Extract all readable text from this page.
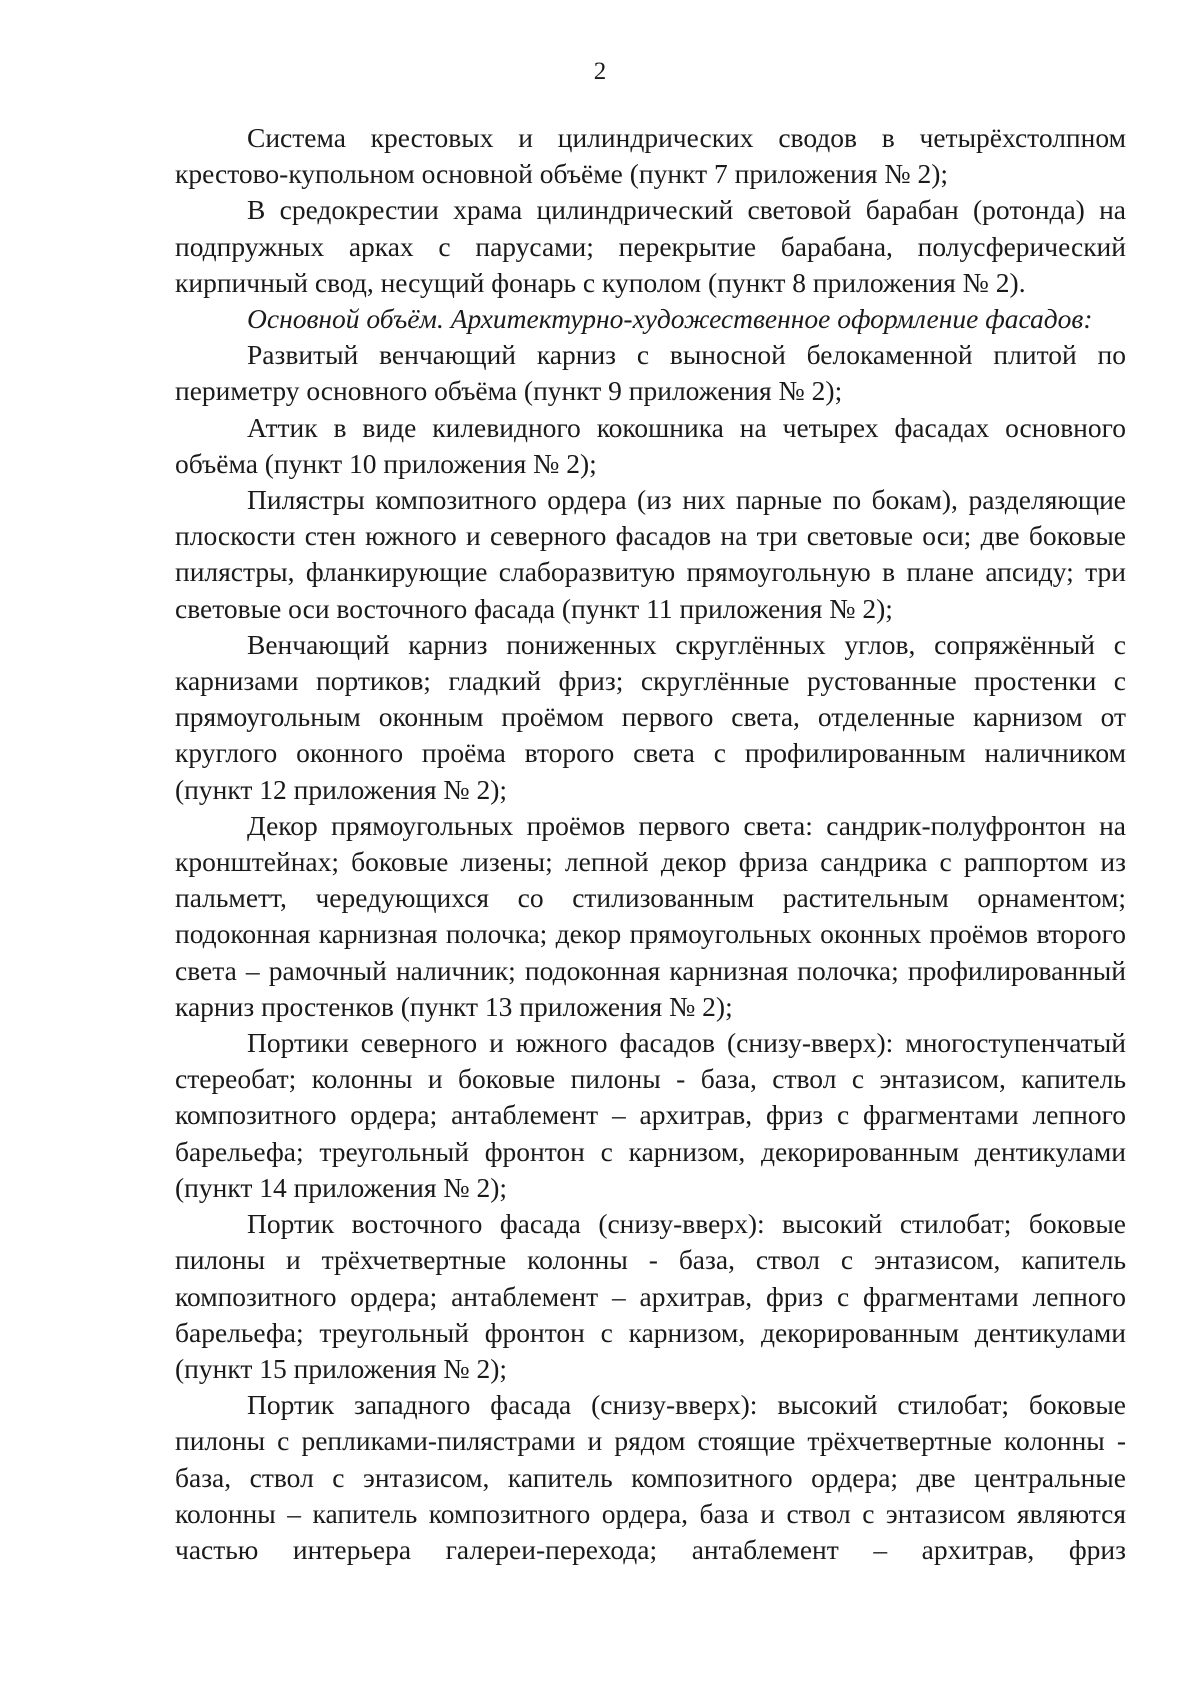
2

Система крестовых и цилиндрических сводов в четырёхстолпном крестово-купольном основной объёме (пункт 7 приложения № 2);

В средокрестии храма цилиндрический световой барабан (ротонда) на подпружных арках с парусами; перекрытие барабана, полусферический кирпичный свод, несущий фонарь с куполом (пункт 8 приложения № 2).

Основной объём. Архитектурно-художественное оформление фасадов:

Развитый венчающий карниз с выносной белокаменной плитой по периметру основного объёма (пункт 9 приложения № 2);

Аттик в виде килевидного кокошника на четырех фасадах основного объёма (пункт 10 приложения № 2);

Пилястры композитного ордера (из них парные по бокам), разделяющие плоскости стен южного и северного фасадов на три световые оси; две боковые пилястры, фланкирующие слаборазвитую прямоугольную в плане апсиду; три световые оси восточного фасада (пункт 11 приложения № 2);

Венчающий карниз пониженных скруглённых углов, сопряжённый с карнизами портиков; гладкий фриз; скруглённые рустованные простенки с прямоугольным оконным проёмом первого света, отделенные карнизом от круглого оконного проёма второго света с профилированным наличником (пункт 12 приложения № 2);

Декор прямоугольных проёмов первого света: сандрик-полуфронтон на кронштейнах; боковые лизены; лепной декор фриза сандрика с раппортом из пальметт, чередующихся со стилизованным растительным орнаментом; подоконная карнизная полочка; декор прямоугольных оконных проёмов второго света – рамочный наличник; подоконная карнизная полочка; профилированный карниз простенков (пункт 13 приложения № 2);

Портики северного и южного фасадов (снизу-вверх): многоступенчатый стереобат; колонны и боковые пилоны - база, ствол с энтазисом, капитель композитного ордера; антаблемент – архитрав, фриз с фрагментами лепного барельефа; треугольный фронтон с карнизом, декорированным дентикулами (пункт 14 приложения № 2);

Портик восточного фасада (снизу-вверх): высокий стилобат; боковые пилоны и трёхчетвертные колонны - база, ствол с энтазисом, капитель композитного ордера; антаблемент – архитрав, фриз с фрагментами лепного барельефа; треугольный фронтон с карнизом, декорированным дентикулами (пункт 15 приложения № 2);

Портик западного фасада (снизу-вверх): высокий стилобат; боковые пилоны с репликами-пилястрами и рядом стоящие трёхчетвертные колонны - база, ствол с энтазисом, капитель композитного ордера; две центральные колонны – капитель композитного ордера, база и ствол с энтазисом являются частью интерьера галереи-перехода; антаблемент – архитрав, фриз
